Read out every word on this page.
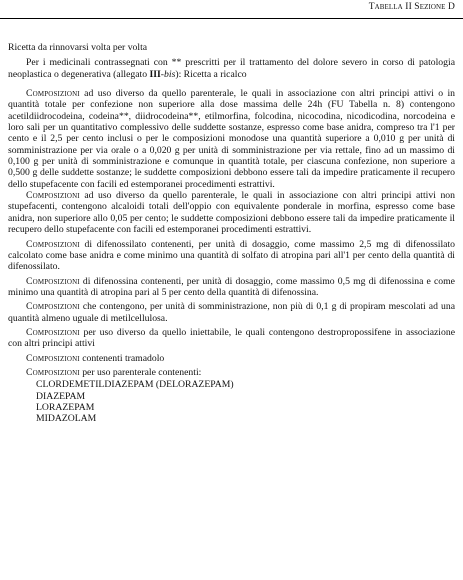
Tabella II Sezione D

Ricetta da rinnovarsi volta per volta

Per i medicinali contrassegnati con ** prescritti per il trattamento del dolore severo in corso di patologia neoplastica o degenerativa (allegato III-bis): Ricetta a ricalco

Composizioni ad uso diverso da quello parenterale, le quali in associazione con altri principi attivi o in quantità totale per confezione non superiore alla dose massima delle 24h (FU Tabella n. 8) contengono acetildiidrocodeina, codeina**, diidrocodeina**, etilmorfina, folcodina, nicocodina, nicodicodina, norcodeina e loro sali per un quantitativo complessivo delle suddette sostanze, espresso come base anidra, compreso tra l'1 per cento e il 2,5 per cento inclusi o per le composizioni monodose una quantità superiore a 0,010 g per unità di somministrazione per via orale o a 0,020 g per unità di somministrazione per via rettale, fino ad un massimo di 0,100 g per unità di somministrazione e comunque in quantità totale, per ciascuna confezione, non superiore a 0,500 g delle suddette sostanze; le suddette composizioni debbono essere tali da impedire praticamente il recupero dello stupefacente con facili ed estemporanei procedimenti estrattivi.

Composizioni ad uso diverso da quello parenterale, le quali in associazione con altri principi attivi non stupefacenti, contengono alcaloidi totali dell'oppio con equivalente ponderale in morfina, espresso come base anidra, non superiore allo 0,05 per cento; le suddette composizioni debbono essere tali da impedire praticamente il recupero dello stupefacente con facili ed estemporanei procedimenti estrattivi.

Composizioni di difenossilato contenenti, per unità di dosaggio, come massimo 2,5 mg di difenossilato calcolato come base anidra e come minimo una quantità di solfato di atropina pari all'1 per cento della quantità di difenossilato.

Composizioni di difenossina contenenti, per unità di dosaggio, come massimo 0,5 mg di difenossina e come minimo una quantità di atropina pari al 5 per cento della quantità di difenossina.

Composizioni che contengono, per unità di somministrazione, non più di 0,1 g di propiram mescolati ad una quantità almeno uguale di metilcellulosa.

Composizioni per uso diverso da quello iniettabile, le quali contengono destropropossifene in associazione con altri principi attivi

Composizioni contenenti tramadolo

Composizioni per uso parenterale contenenti:

CLORDEMETILDIAZEPAM (DELORAZEPAM)
DIAZEPAM
LORAZEPAM
MIDAZOLAM
